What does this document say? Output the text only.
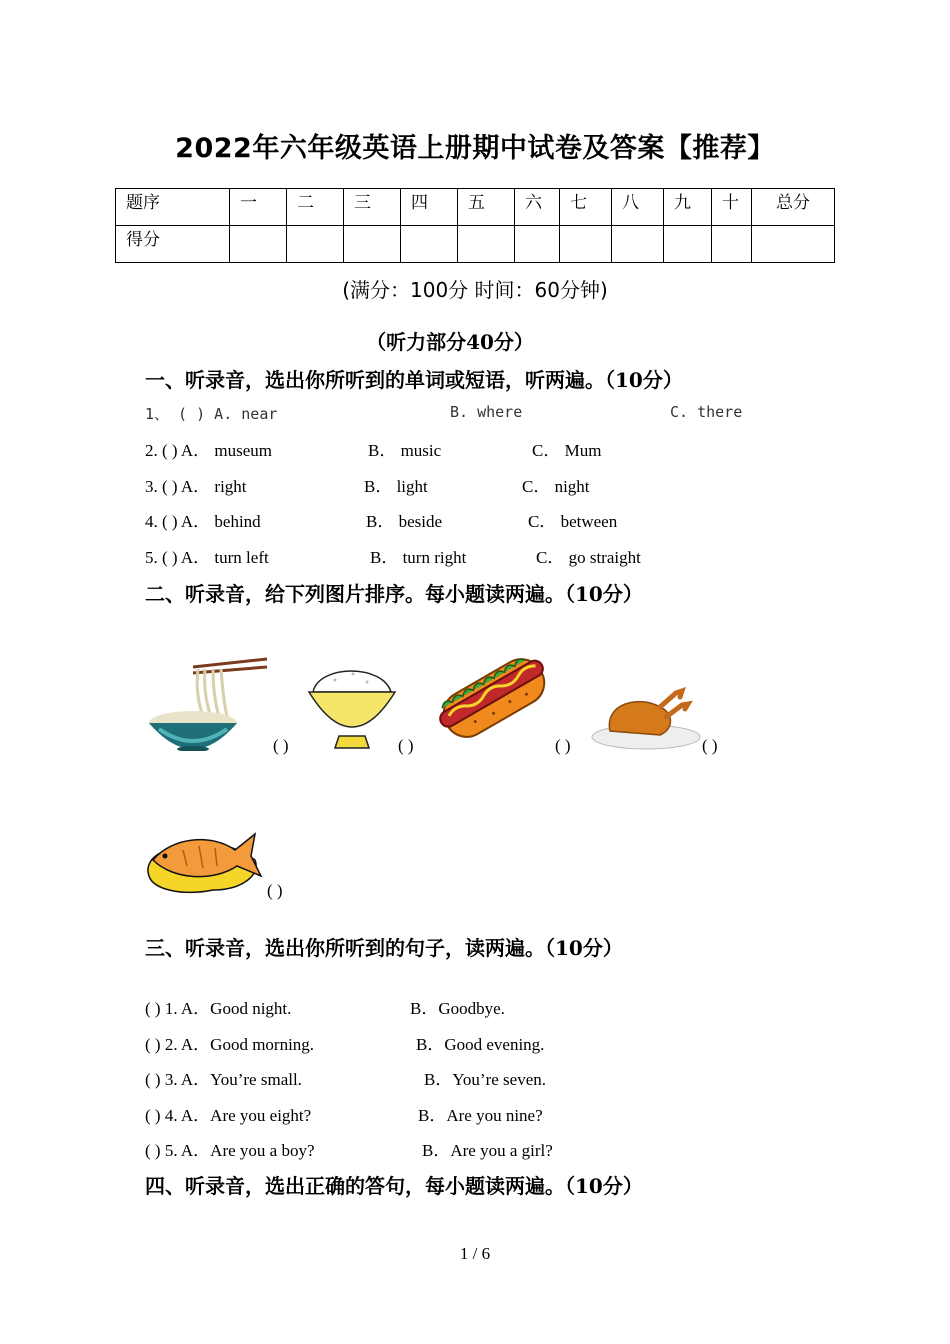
2022年六年级英语上册期中试卷及答案【推荐】
题序	一	二	三	四	五	六	七	八	九	十	总分
得分											
(满分：100分 时间：60分钟)
（听力部分40分）
一、听录音，选出你所听到的单词或短语，听两遍。（10分）
1、 ( ) A. near	B. where	C. there
2. ( ) A． museum	B． music	C． Mum
3. ( ) A． right	B． light	C． night
4. ( ) A． behind	B． beside	C． between
5. ( ) A． turn left	B． turn right	C． go straight
二、听录音，给下列图片排序。每小题读两遍。（10分）
( )	( )	( )	( )
( )
三、听录音，选出你所听到的句子，读两遍。（10分）
( ) 1. A．Good night.	B．Goodbye.
( ) 2. A．Good morning.	B．Good evening.
( ) 3. A．You’re small.	B．You’re seven.
( ) 4. A．Are you eight?	B．Are you nine?
( ) 5. A．Are you a boy?	B．Are you a girl?
四、听录音，选出正确的答句，每小题读两遍。（10分）
1 / 6
